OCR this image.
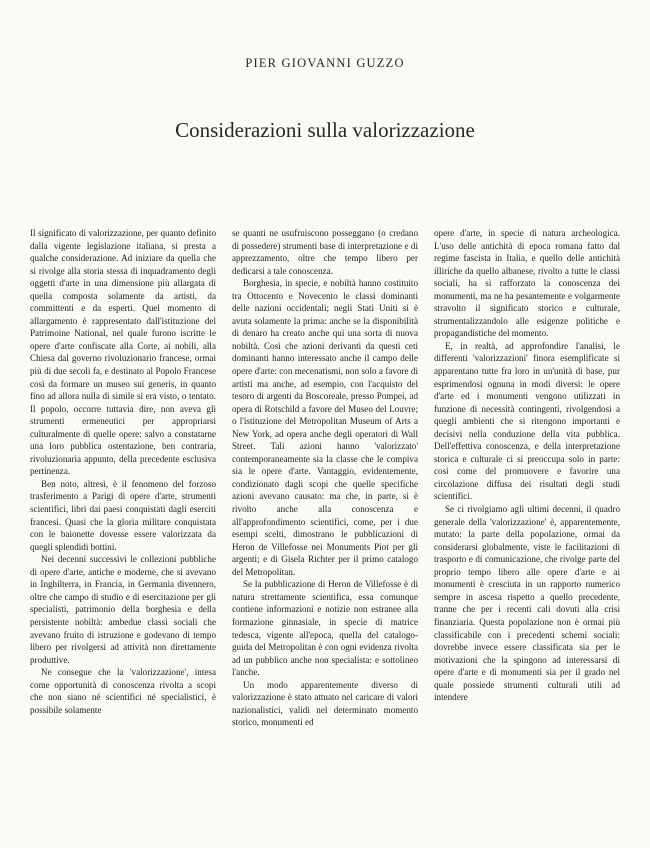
PIER GIOVANNI GUZZO
Considerazioni sulla valorizzazione

Il significato di valorizzazione, per quanto definito dalla vigente legislazione italiana, si presta a qualche considerazione. Ad iniziare da quella che si rivolge alla storia stessa di inquadramento degli oggetti d'arte in una dimensione più allargata di quella composta solamente da artisti, da committenti e da esperti. Quel momento di allargamento è rappresentato dall'istituzione del Patrimoine National, nel quale furono iscritte le opere d'arte confiscate alla Corte, ai nobili, alla Chiesa dal governo rivoluzionario francese, ormai più di due secoli fa, e destinato al Popolo Francese così da formare un museo sui generis, in quanto fino ad allora nulla di simile si era visto, o tentato. Il popolo, occorre tuttavia dire, non aveva gli strumenti ermeneutici per appropriarsi culturalmente di quelle opere: salvo a constatarne una loro pubblica ostentazione, ben contraria, rivoluzionaria appunto, della precedente esclusiva pertinenza.

Ben noto, altresì, è il fenomeno del forzoso trasferimento a Parigi di opere d'arte, strumenti scientifici, libri dai paesi conquistati dagli eserciti francesi. Quasi che la gloria militare conquistata con le baionette dovesse essere valorizzata da quegli splendidi bottini.

Nei decenni successivi le collezioni pubbliche di opere d'arte, antiche e moderne, che si avevano in Inghilterra, in Francia, in Germania divennero, oltre che campo di studio e di esercitazione per gli specialisti, patrimonio della borghesia e della persistente nobiltà: ambedue classi sociali che avevano fruito di istruzione e godevano di tempo libero per rivolgersi ad attività non direttamente produttive.

Ne consegue che la 'valorizzazione', intesa come opportunità di conoscenza rivolta a scopi che non siano né scientifici né specialistici, è possibile solamente

se quanti ne usufruiscono posseggano (o credano di possedere) strumenti base di interpretazione e di apprezzamento, oltre che tempo libero per dedicarsi a tale conoscenza.

Borghesia, in specie, e nobiltà hanno costituito tra Ottocento e Novecento le classi dominanti delle nazioni occidentali; negli Stati Uniti si è avuta solamente la prima: anche se la disponibilità di denaro ha creato anche qui una sorta di nuova nobiltà. Così che azioni derivanti da questi ceti dominanti hanno interessato anche il campo delle opere d'arte: con mecenatismi, non solo a favore di artisti ma anche, ad esempio, con l'acquisto del tesoro di argenti da Boscoreale, presso Pompei, ad opera di Rotschild a favore del Museo del Louvre; o l'istituzione del Metropolitan Museum of Arts a New York, ad opera anche degli operatori di Wall Street. Tali azioni hanno 'valorizzato' contemporaneamente sia la classe che le compiva sia le opere d'arte. Vantaggio, evidentemente, condizionato dagli scopi che quelle specifiche azioni avevano causato: ma che, in parte, si è rivolto anche alla conoscenza e all'approfondimento scientifici, come, per i due esempi scelti, dimostrano le pubblicazioni di Heron de Villefosse nei Monuments Piot per gli argenti; e di Gisela Richter per il primo catalogo del Metropolitan.

Se la pubblicazione di Heron de Villefosse è di natura strettamente scientifica, essa comunque contiene informazioni e notizie non estranee alla formazione ginnasiale, in specie di matrice tedesca, vigente all'epoca, quella del catalogo-guida del Metropolitan è con ogni evidenza rivolta ad un pubblico anche non specialista: e sottolineo l'anche.

Un modo apparentemente diverso di valorizzazione è stato attuato nel caricare di valori nazionalistici, validi nel determinato momento storico, monumenti ed

opere d'arte, in specie di natura archeologica. L'uso delle antichità di epoca romana fatto dal regime fascista in Italia, e quello delle antichità illiriche da quello albanese, rivolto a tutte le classi sociali, ha sì rafforzato la conoscenza dei monumenti, ma ne ha pesantemente e volgarmente stravolto il significato storico e culturale, strumentalizzandolo alle esigenze politiche e propagandistiche del momento.

E, in realtà, ad approfondire l'analisi, le differenti 'valorizzazioni' finora esemplificate si apparentano tutte fra loro in un'unità di base, pur esprimendosi ognuna in modi diversi: le opere d'arte ed i monumenti vengono utilizzati in funzione di necessità contingenti, rivolgendosi a quegli ambienti che si ritengono importanti e decisivi nella conduzione della vita pubblica. Dell'effettiva conoscenza, e della interpretazione storica e culturale ci si preoccupa solo in parte: così come del promuovere e favorire una circolazione diffusa dei risultati degli studi scientifici.

Se ci rivolgiamo agli ultimi decenni, il quadro generale della 'valorizzazione' è, apparentemente, mutato: la parte della popolazione, ormai da considerarsi globalmente, viste le facilitazioni di trasporto e di comunicazione, che rivolge parte del proprio tempo libero alle opere d'arte e ai monumenti è cresciuta in un rapporto numerico sempre in ascesa rispetto a quello precedente, tranne che per i recenti cali dovuti alla crisi finanziaria. Questa popolazione non è ormai più classificabile con i precedenti schemi sociali: dovrebbe invece essere classificata sia per le motivazioni che la spingono ad interessarsi di opere d'arte e di monumenti sia per il grado nel quale possiede strumenti culturali utili ad intendere
